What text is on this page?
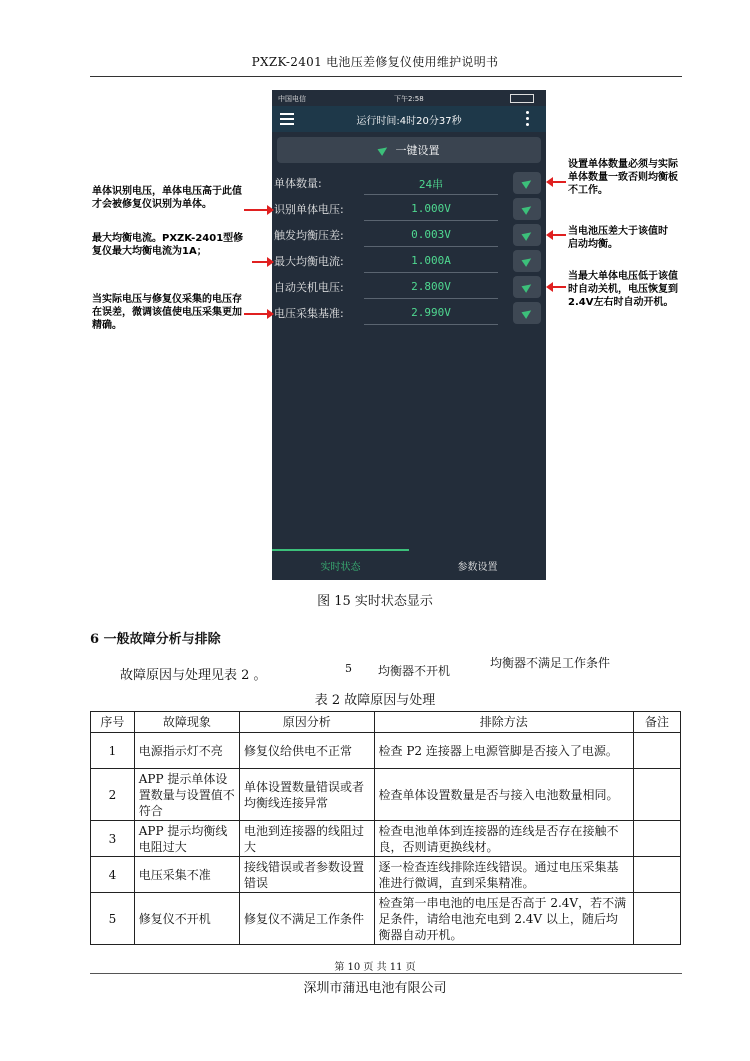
PXZK-2401 电池压差修复仪使用维护说明书
中国电信	下午2:58
运行时间:4时20分37秒
一键设置
单体数量:	24串
识别单体电压:	1.000V
触发均衡压差:	0.003V
最大均衡电流:	1.000A
自动关机电压:	2.800V
电压采集基准:	2.990V
实时状态	参数设置
单体识别电压，单体电压高于此值才会被修复仪识别为单体。
最大均衡电流。PXZK-2401型修复仪最大均衡电流为1A；
当实际电压与修复仪采集的电压存在误差，微调该值使电压采集更加精确。
设置单体数量必须与实际单体数量一致否则均衡板不工作。
当电池压差大于该值时启动均衡。
当最大单体电压低于该值时自动关机，电压恢复到2.4V左右时自动开机。
图 15 实时状态显示
6 一般故障分析与排除
故障原因与处理见表 2 。	5 均衡器不开机
均衡器不满足工作条件
表 2 故障原因与处理
序号	故障现象	原因分析	排除方法	备注
1	电源指示灯不亮	修复仪给供电不正常	检查 P2 连接器上电源管脚是否接入了电源。	
2	APP 提示单体设置数量与设置值不符合	单体设置数量错误或者均衡线连接异常	检查单体设置数量是否与接入电池数量相同。	
3	APP 提示均衡线电阻过大	电池到连接器的线阻过大	检查电池单体到连接器的连线是否存在接触不良，否则请更换线材。	
4	电压采集不准	接线错误或者参数设置错误	逐一检查连线排除连线错误。通过电压采集基准进行微调，直到采集精准。	
5	修复仪不开机	修复仪不满足工作条件	检查第一串电池的电压是否高于 2.4V，若不满足条件，请给电池充电到 2.4V 以上，随后均衡器自动开机。	
第 10 页 共 11 页
深圳市蒲迅电池有限公司
